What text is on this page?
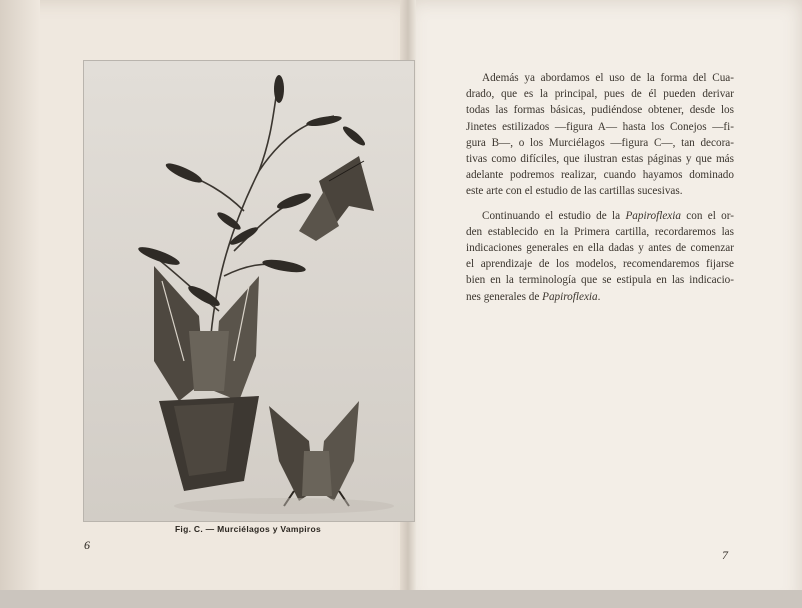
Fig. C. — Murciélagos y Vampiros
6
Además ya abordamos el uso de la forma del Cua-
drado, que es la principal, pues de él pueden derivar
todas las formas básicas, pudiéndose obtener, desde los
Jinetes estilizados —figura A— hasta los Conejos —fi-
gura B—, o los Murciélagos —figura C—, tan decora-
tivas como difíciles, que ilustran estas páginas y que más
adelante podremos realizar, cuando hayamos dominado
este arte con el estudio de las cartillas sucesivas.
Continuando el estudio de la Papiroflexia con el or-
den establecido en la Primera cartilla, recordaremos las
indicaciones generales en ella dadas y antes de comenzar
el aprendizaje de los modelos, recomendaremos fijarse
bien en la terminología que se estipula en las indicacio-
nes generales de Papiroflexia.
7
